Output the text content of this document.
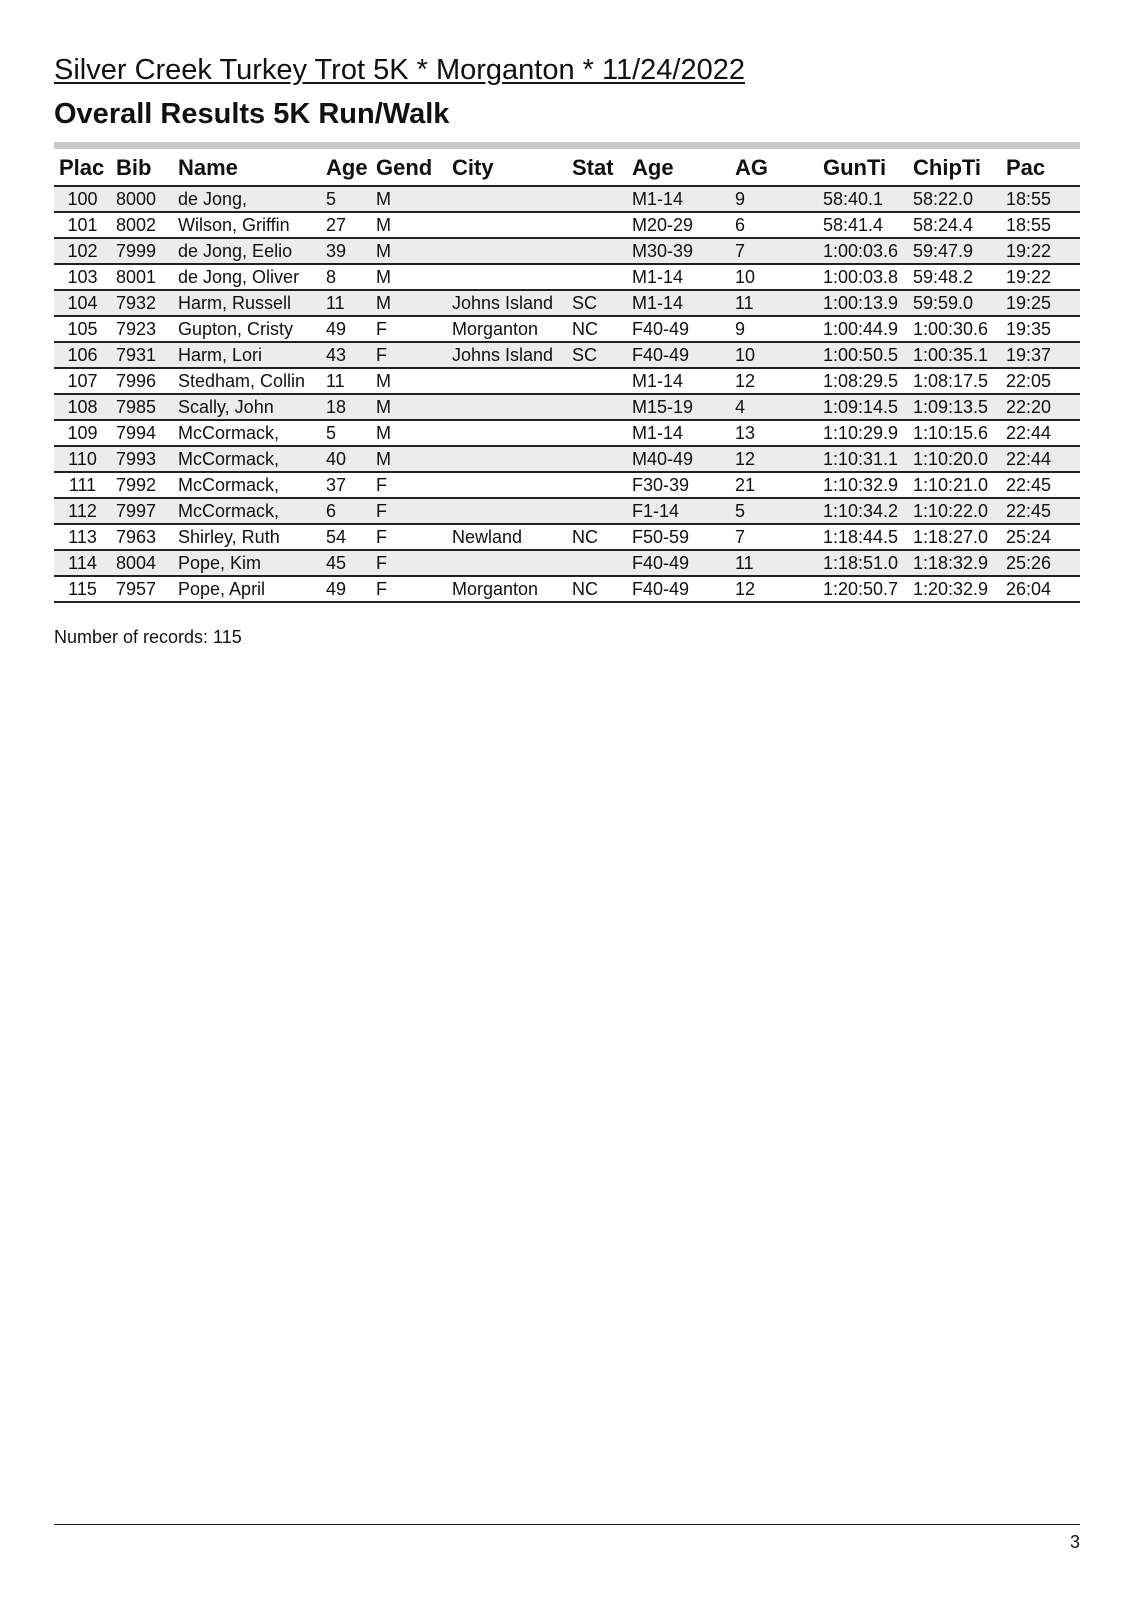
Silver Creek Turkey Trot 5K * Morganton * 11/24/2022
Overall Results 5K Run/Walk
Plac	Bib	Name	Age	Gend	City	Stat	Age	AG	GunTi	ChipTi	Pac
100	8000	de Jong,	5	M			M1-14	9	58:40.1	58:22.0	18:55
101	8002	Wilson, Griffin	27	M			M20-29	6	58:41.4	58:24.4	18:55
102	7999	de Jong, Eelio	39	M			M30-39	7	1:00:03.6	59:47.9	19:22
103	8001	de Jong, Oliver	8	M			M1-14	10	1:00:03.8	59:48.2	19:22
104	7932	Harm, Russell	11	M	Johns Island	SC	M1-14	11	1:00:13.9	59:59.0	19:25
105	7923	Gupton, Cristy	49	F	Morganton	NC	F40-49	9	1:00:44.9	1:00:30.6	19:35
106	7931	Harm, Lori	43	F	Johns Island	SC	F40-49	10	1:00:50.5	1:00:35.1	19:37
107	7996	Stedham, Collin	11	M			M1-14	12	1:08:29.5	1:08:17.5	22:05
108	7985	Scally, John	18	M			M15-19	4	1:09:14.5	1:09:13.5	22:20
109	7994	McCormack,	5	M			M1-14	13	1:10:29.9	1:10:15.6	22:44
110	7993	McCormack,	40	M			M40-49	12	1:10:31.1	1:10:20.0	22:44
111	7992	McCormack,	37	F			F30-39	21	1:10:32.9	1:10:21.0	22:45
112	7997	McCormack,	6	F			F1-14	5	1:10:34.2	1:10:22.0	22:45
113	7963	Shirley, Ruth	54	F	Newland	NC	F50-59	7	1:18:44.5	1:18:27.0	25:24
114	8004	Pope, Kim	45	F			F40-49	11	1:18:51.0	1:18:32.9	25:26
115	7957	Pope, April	49	F	Morganton	NC	F40-49	12	1:20:50.7	1:20:32.9	26:04
Number of records: 115
3
